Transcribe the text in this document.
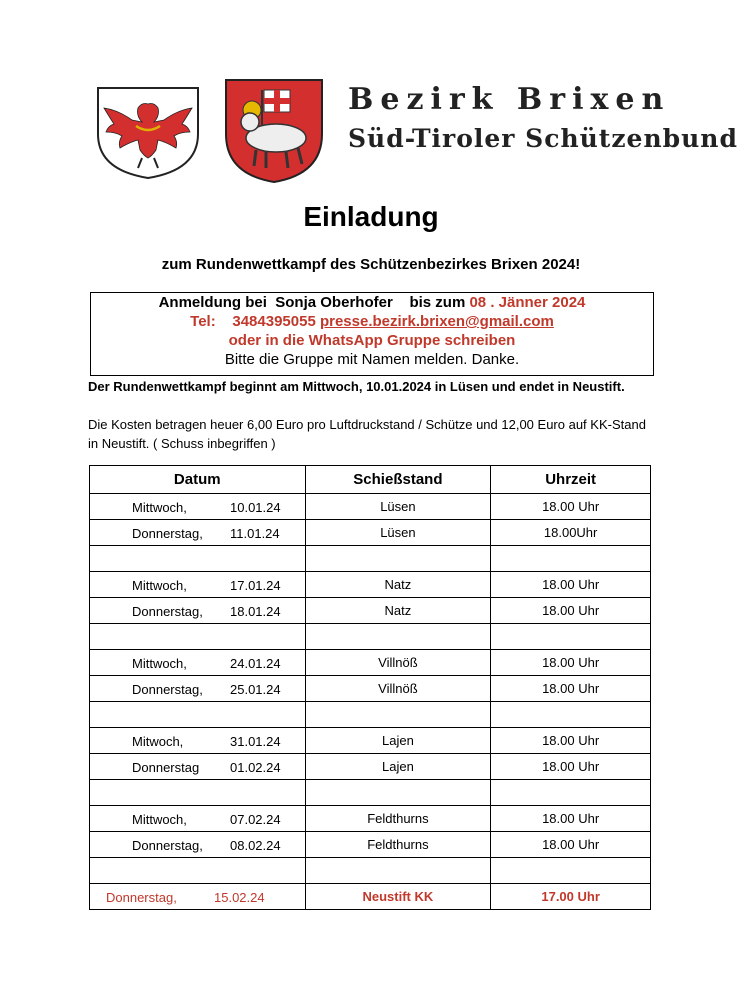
Bezirk Brixen
Süd-Tiroler Schützenbund
Einladung
zum Rundenwettkampf des Schützenbezirkes Brixen 2024!
Anmeldung bei  Sonja Oberhofer    bis zum 08 . Jänner 2024
Tel:    3484395055 presse.bezirk.brixen@gmail.com
oder in die WhatsApp Gruppe schreiben
Bitte die Gruppe mit Namen melden. Danke.
Der Rundenwettkampf beginnt am Mittwoch, 10.01.2024 in Lüsen und endet in Neustift.
Die Kosten betragen heuer 6,00 Euro pro Luftdruckstand / Schütze und 12,00 Euro auf KK-Stand in Neustift. ( Schuss inbegriffen )
Datum	Schießstand	Uhrzeit

Mittwoch, 10.01.24	Lüsen	18.00 Uhr

Donnerstag, 11.01.24	Lüsen	18.00Uhr

Mittwoch, 17.01.24	Natz	18.00 Uhr

Donnerstag, 18.01.24	Natz	18.00 Uhr

Mittwoch, 24.01.24	Villnöß	18.00 Uhr

Donnerstag, 25.01.24	Villnöß	18.00 Uhr

Mitwoch, 31.01.24	Lajen	18.00 Uhr

Donnerstag 01.02.24	Lajen	18.00 Uhr

Mittwoch, 07.02.24	Feldthurns	18.00 Uhr

Donnerstag, 08.02.24	Feldthurns	18.00 Uhr

Donnerstag, 15.02.24	Neustift KK	17.00 Uhr
